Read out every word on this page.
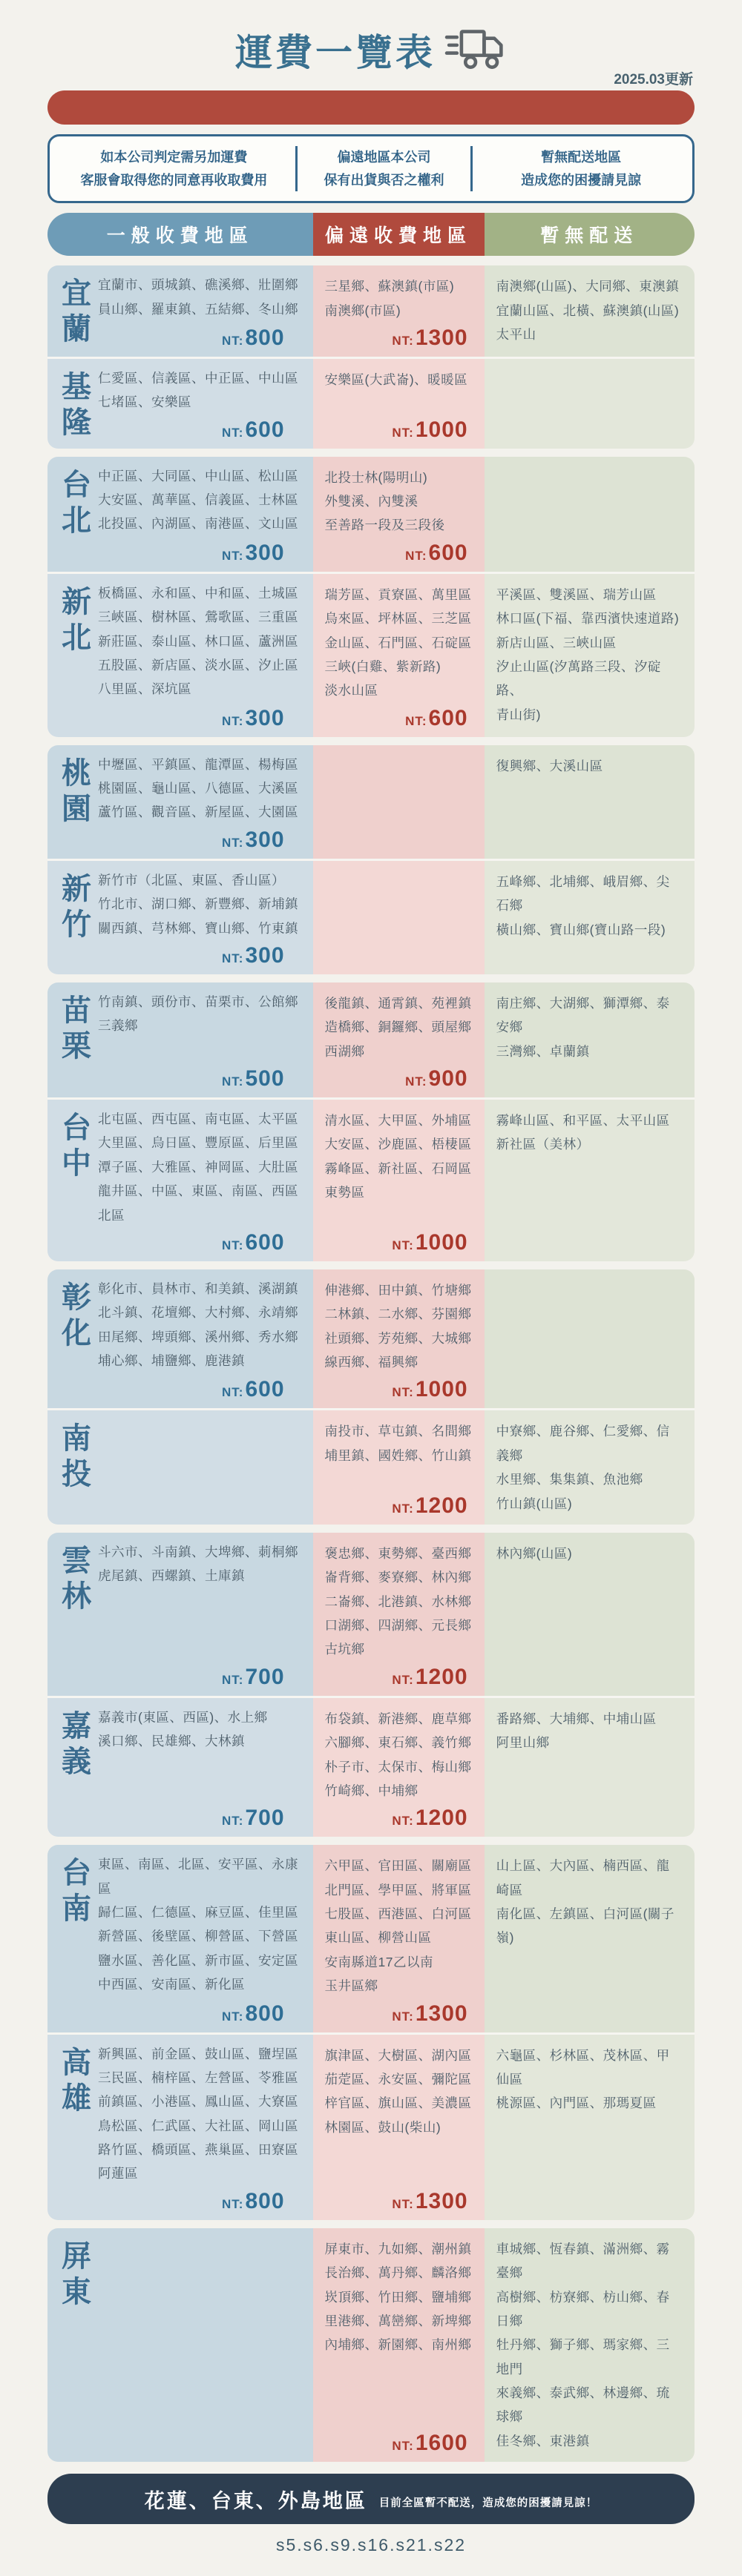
運費一覽表
2025.03更新
如本公司判定需另加運費
客服會取得您的同意再收取費用
偏遠地區本公司
保有出貨與否之權利
暫無配送地區
造成您的困擾請見諒
一般收費地區	偏遠收費地區	暫無配送
宜
蘭
宜蘭市、頭城鎮、礁溪鄉、壯圍鄉
員山鄉、羅東鎮、五結鄉、冬山鄉
NT: 800
三星鄉、蘇澳鎮(市區)
南澳鄉(市區)
NT: 1300
南澳鄉(山區)、大同鄉、東澳鎮
宜蘭山區、北橫、蘇澳鎮(山區)
太平山
基
隆
仁愛區、信義區、中正區、中山區
七堵區、安樂區
NT: 600
安樂區(大武崙)、暖暖區
NT: 1000
台
北
中正區、大同區、中山區、松山區
大安區、萬華區、信義區、士林區
北投區、內湖區、南港區、文山區
NT: 300
北投士林(陽明山)
外雙溪、內雙溪
至善路一段及三段後
NT: 600
新
北
板橋區、永和區、中和區、土城區
三峽區、樹林區、鶯歌區、三重區
新莊區、泰山區、林口區、蘆洲區
五股區、新店區、淡水區、汐止區
八里區、深坑區
NT: 300
瑞芳區、貢寮區、萬里區
烏來區、坪林區、三芝區
金山區、石門區、石碇區
三峽(白雞、紫新路)
淡水山區
NT: 600
平溪區、雙溪區、瑞芳山區
林口區(下福、靠西濱快速道路)
新店山區、三峽山區
汐止山區(汐萬路三段、汐碇路、
青山街)
桃
園
中壢區、平鎮區、龍潭區、楊梅區
桃園區、龜山區、八德區、大溪區
蘆竹區、觀音區、新屋區、大園區
NT: 300
復興鄉、大溪山區
新
竹
新竹市（北區、東區、香山區）
竹北市、湖口鄉、新豐鄉、新埔鎮
關西鎮、芎林鄉、寶山鄉、竹東鎮
NT: 300
五峰鄉、北埔鄉、峨眉鄉、尖石鄉
橫山鄉、寶山鄉(寶山路一段)
苗
栗
竹南鎮、頭份市、苗栗市、公館鄉
三義鄉
NT: 500
後龍鎮、通霄鎮、苑裡鎮
造橋鄉、銅鑼鄉、頭屋鄉
西湖鄉
NT: 900
南庄鄉、大湖鄉、獅潭鄉、泰安鄉
三灣鄉、卓蘭鎮
台
中
北屯區、西屯區、南屯區、太平區
大里區、烏日區、豐原區、后里區
潭子區、大雅區、神岡區、大肚區
龍井區、中區、東區、南區、西區
北區
NT: 600
清水區、大甲區、外埔區
大安區、沙鹿區、梧棲區
霧峰區、新社區、石岡區
東勢區
NT: 1000
霧峰山區、和平區、太平山區
新社區（美林）
彰
化
彰化市、員林市、和美鎮、溪湖鎮
北斗鎮、花壇鄉、大村鄉、永靖鄉
田尾鄉、埤頭鄉、溪州鄉、秀水鄉
埔心鄉、埔鹽鄉、鹿港鎮
NT: 600
伸港鄉、田中鎮、竹塘鄉
二林鎮、二水鄉、芬園鄉
社頭鄉、芳苑鄉、大城鄉
線西鄉、福興鄉
NT: 1000
南
投
南投市、草屯鎮、名間鄉
埔里鎮、國姓鄉、竹山鎮
NT: 1200
中寮鄉、鹿谷鄉、仁愛鄉、信義鄉
水里鄉、集集鎮、魚池鄉
竹山鎮(山區)
雲
林
斗六市、斗南鎮、大埤鄉、莿桐鄉
虎尾鎮、西螺鎮、土庫鎮
NT: 700
褒忠鄉、東勢鄉、臺西鄉
崙背鄉、麥寮鄉、林內鄉
二崙鄉、北港鎮、水林鄉
口湖鄉、四湖鄉、元長鄉
古坑鄉
NT: 1200
林內鄉(山區)
嘉
義
嘉義市(東區、西區)、水上鄉
溪口鄉、民雄鄉、大林鎮
NT: 700
布袋鎮、新港鄉、鹿草鄉
六腳鄉、東石鄉、義竹鄉
朴子市、太保市、梅山鄉
竹崎鄉、中埔鄉
NT: 1200
番路鄉、大埔鄉、中埔山區
阿里山鄉
台
南
東區、南區、北區、安平區、永康區
歸仁區、仁德區、麻豆區、佳里區
新營區、後壁區、柳營區、下營區
鹽水區、善化區、新市區、安定區
中西區、安南區、新化區
NT: 800
六甲區、官田區、關廟區
北門區、學甲區、將軍區
七股區、西港區、白河區
東山區、柳營山區
安南縣道17乙以南
玉井區鄉
NT: 1300
山上區、大內區、楠西區、龍崎區
南化區、左鎮區、白河區(關子嶺)
高
雄
新興區、前金區、鼓山區、鹽埕區
三民區、楠梓區、左營區、苓雅區
前鎮區、小港區、鳳山區、大寮區
鳥松區、仁武區、大社區、岡山區
路竹區、橋頭區、燕巢區、田寮區
阿蓮區
NT: 800
旗津區、大樹區、湖內區
茄萣區、永安區、彌陀區
梓官區、旗山區、美濃區
林園區、鼓山(柴山)
NT: 1300
六龜區、杉林區、茂林區、甲仙區
桃源區、內門區、那瑪夏區
屏
東
屏東市、九如鄉、潮州鎮
長治鄉、萬丹鄉、麟洛鄉
崁頂鄉、竹田鄉、鹽埔鄉
里港鄉、萬巒鄉、新埤鄉
內埔鄉、新園鄉、南州鄉
NT: 1600
車城鄉、恆春鎮、滿洲鄉、霧臺鄉
高樹鄉、枋寮鄉、枋山鄉、春日鄉
牡丹鄉、獅子鄉、瑪家鄉、三地門
來義鄉、泰武鄉、林邊鄉、琉球鄉
佳冬鄉、東港鎮
花蓮、台東、外島地區 目前全區暫不配送，造成您的困擾請見諒！
s5.s6.s9.s16.s21.s22
